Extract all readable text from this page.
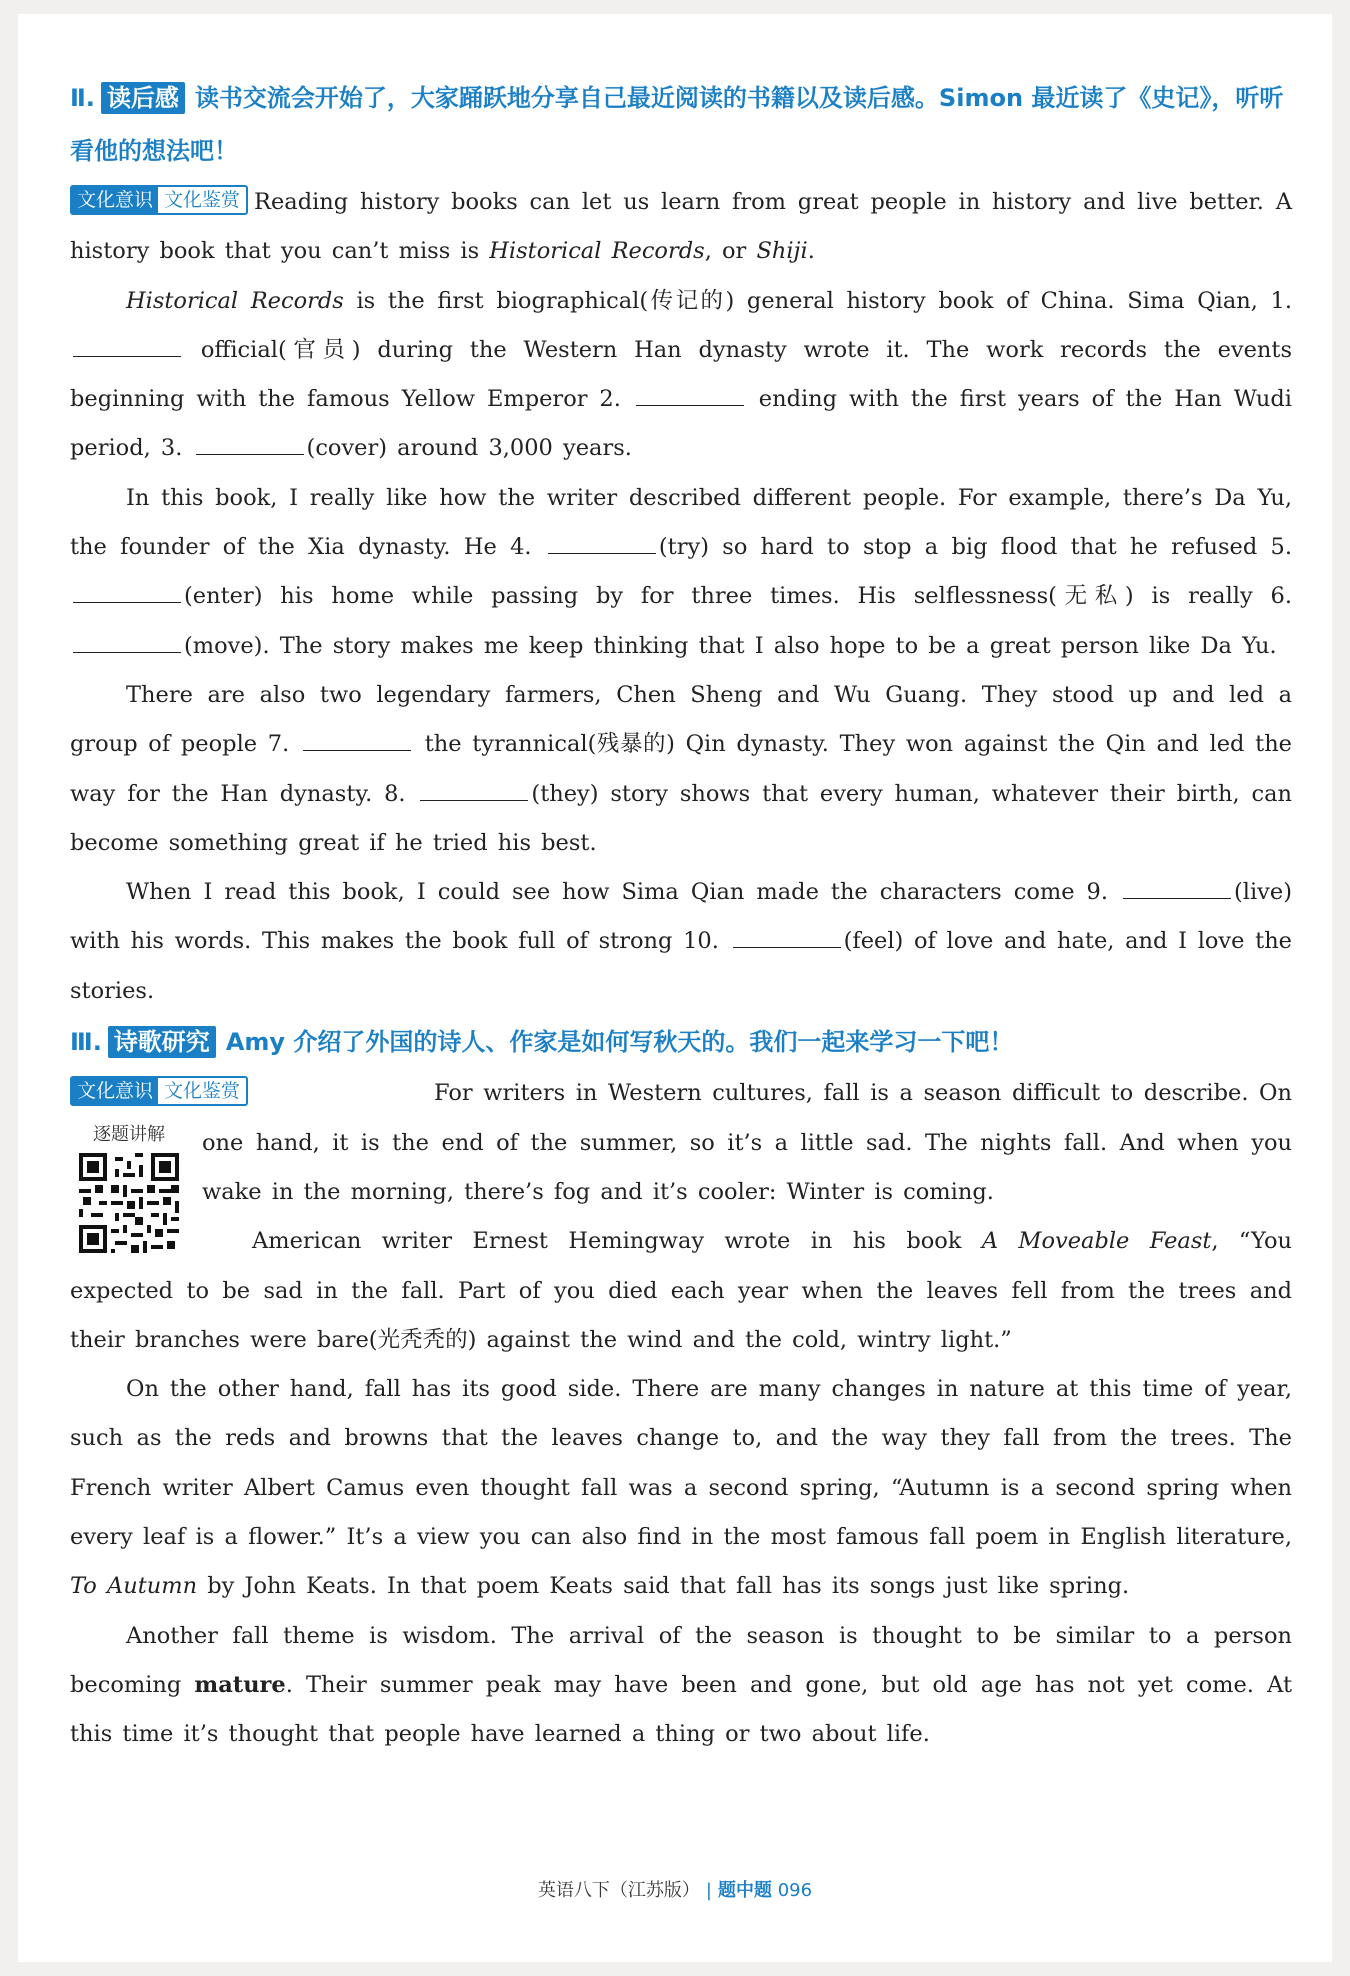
Ⅱ. 读后感 读书交流会开始了，大家踊跃地分享自己最近阅读的书籍以及读后感。Simon 最近读了《史记》，听听看他的想法吧！

文化意识 文化鉴赏 Reading history books can let us learn from great people in history and live better. A history book that you can’t miss is Historical Records, or Shiji.

Historical Records is the first biographical(传记的) general history book of China. Sima Qian, 1.  official(官员) during the Western Han dynasty wrote it. The work records the events beginning with the famous Yellow Emperor 2.	ending with the first years of the Han Wudi period, 3.	(cover) around 3,000 years.

In this book, I really like how the writer described different people. For example, there’s Da Yu, the founder of the Xia dynasty. He 4.	(try) so hard to stop a big flood that he refused 5. (enter) his home while passing by for three times. His selflessness(无私) is really 6. (move). The story makes me keep thinking that I also hope to be a great person like Da Yu.

There are also two legendary farmers, Chen Sheng and Wu Guang. They stood up and led a group of people 7.	the tyrannical(残暴的) Qin dynasty. They won against the Qin and led the way for the Han dynasty. 8.	(they) story shows that every human, whatever their birth, can become something great if he tried his best.

When I read this book, I could see how Sima Qian made the characters come 9.	(live) with his words. This makes the book full of strong 10.	(feel) of love and hate, and I love the stories.

Ⅲ. 诗歌研究 Amy 介绍了外国的诗人、作家是如何写秋天的。我们一起来学习一下吧！

文化意识 文化鉴赏

逐题讲解

For writers in Western cultures, fall is a season difficult to describe. On one hand, it is the end of the summer, so it’s a little sad. The nights fall. And when you wake in the morning, there’s fog and it’s cooler: Winter is coming.

American writer Ernest Hemingway wrote in his book A Moveable Feast, “You expected to be sad in the fall. Part of you died each year when the leaves fell from the trees and their branches were bare(光秃秃的) against the wind and the cold, wintry light.”

On the other hand, fall has its good side. There are many changes in nature at this time of year, such as the reds and browns that the leaves change to, and the way they fall from the trees. The French writer Albert Camus even thought fall was a second spring, “Autumn is a second spring when every leaf is a flower.” It’s a view you can also find in the most famous fall poem in English literature, To Autumn by John Keats. In that poem Keats said that fall has its songs just like spring.

Another fall theme is wisdom. The arrival of the season is thought to be similar to a person becoming mature. Their summer peak may have been and gone, but old age has not yet come. At this time it’s thought that people have learned a thing or two about life.

英语八下（江苏版） | 题中题 096
